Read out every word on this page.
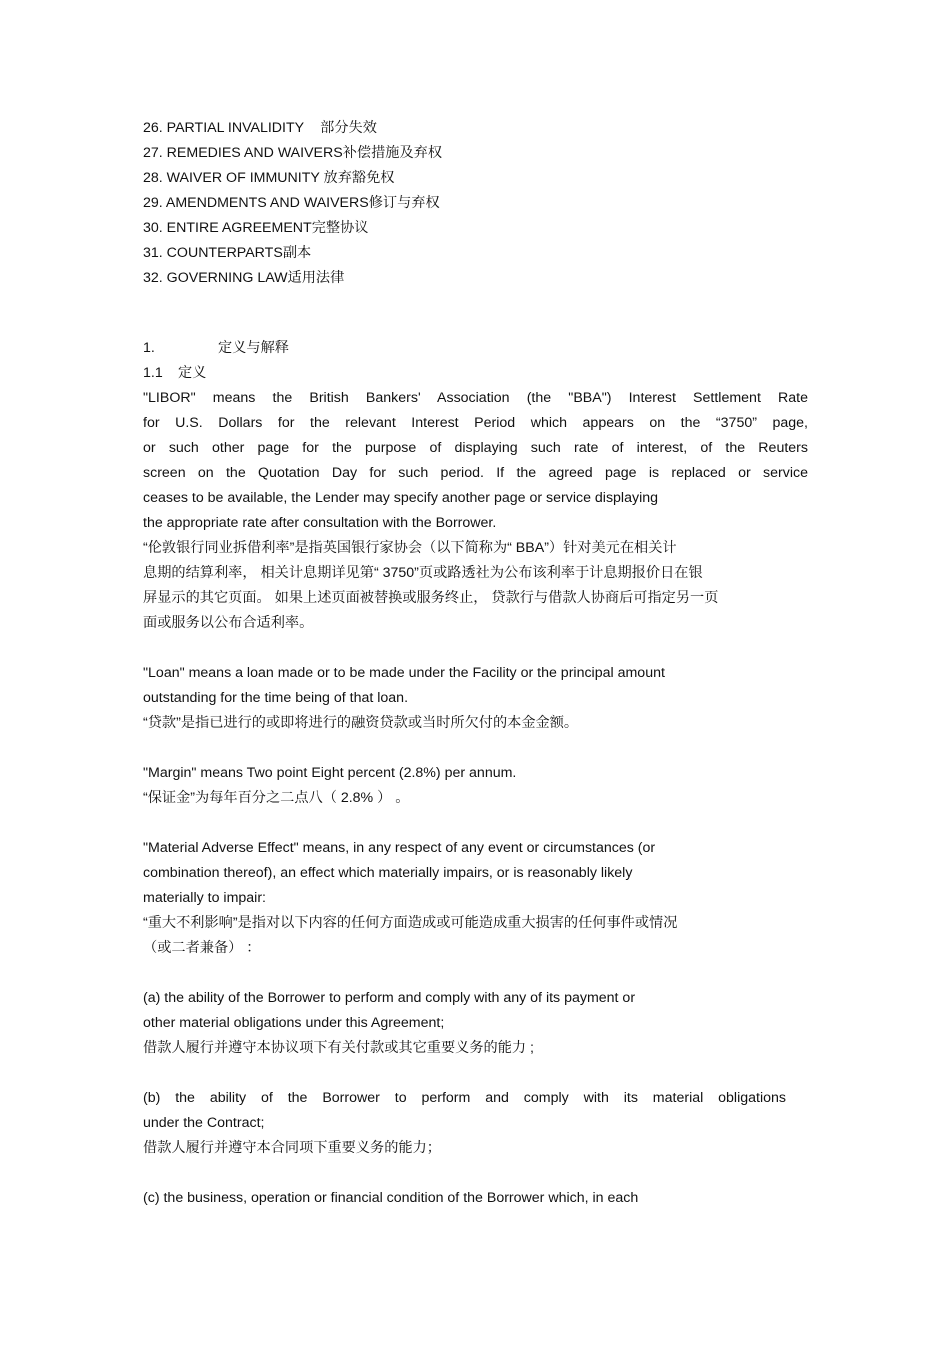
26. PARTIAL INVALIDITY 部分失效
27. REMEDIES AND WAIVERS补偿措施及弃权
28. WAIVER OF IMMUNITY 放弃豁免权
29. AMENDMENTS AND WAIVERS修订与弃权
30. ENTIRE AGREEMENT完整协议
31. COUNTERPARTS副本
32. GOVERNING LAW适用法律
1.	定义与解释
1.1 定义
"LIBOR" means the British Bankers' Association (the "BBA") Interest Settlement Rate
for U.S. Dollars for the relevant Interest Period which appears on the “3750” page,
or such other page for the purpose of displaying such rate of interest, of the Reuters
screen on the Quotation Day for such period. If the agreed page is replaced or service
ceases to be available, the Lender may specify another page or service displaying
the appropriate rate after consultation with the Borrower.
“伦敦银行同业拆借利率”是指英国银行家协会（以下简称为“ BBA”）针对美元在相关计
息期的结算利率， 相关计息期详见第“ 3750”页或路透社为公布该利率于计息期报价日在银
屏显示的其它页面。 如果上述页面被替换或服务终止， 贷款行与借款人协商后可指定另一页
面或服务以公布合适利率。
"Loan" means a loan made or to be made under the Facility or the principal amount
outstanding for the time being of that loan.
“贷款”是指已进行的或即将进行的融资贷款或当时所欠付的本金金额。
"Margin" means Two point Eight percent (2.8%) per annum.
“保证金”为每年百分之二点八（ 2.8% ） 。
"Material Adverse Effect" means, in any respect of any event or circumstances (or
combination thereof), an effect which materially impairs, or is reasonably likely
materially to impair:
“重大不利影响”是指对以下内容的任何方面造成或可能造成重大损害的任何事件或情况
（或二者兼备） ：
(a) the ability of the Borrower to perform and comply with any of its payment or
other material obligations under this Agreement;
借款人履行并遵守本协议项下有关付款或其它重要义务的能力 ;
(b) the ability of the Borrower to perform and comply with its material obligations
under the Contract;
借款人履行并遵守本合同项下重要义务的能力；
(c) the business, operation or financial condition of the Borrower which, in each
